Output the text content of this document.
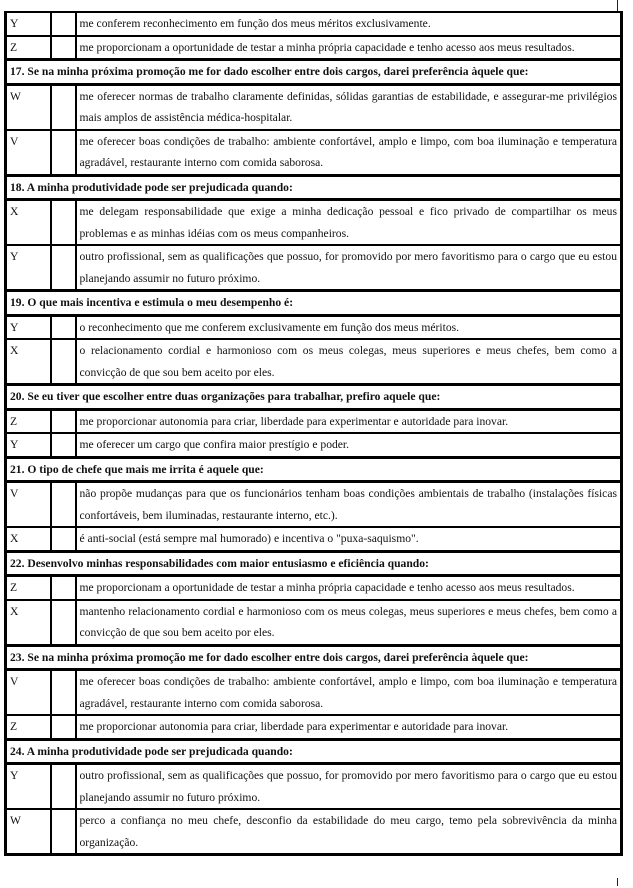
Y		me conferem reconhecimento em função dos meus méritos exclusivamente.
Z		me proporcionam a oportunidade de testar a minha própria capacidade e tenho acesso aos meus resultados.
17. Se na minha próxima promoção me for dado escolher entre dois cargos, darei preferência àquele que:		
W		me oferecer normas de trabalho claramente definidas, sólidas garantias de estabilidade, e assegurar-me privilégios mais amplos de assistência médica-hospitalar.
V		me oferecer boas condições de trabalho: ambiente confortável, amplo e limpo, com boa iluminação e temperatura agradável, restaurante interno com comida saborosa.
18. A minha produtividade pode ser prejudicada quando:		
X		me delegam responsabilidade que exige a minha dedicação pessoal e fico privado de compartilhar os meus problemas e as minhas idéias com os meus companheiros.
Y		outro profissional, sem as qualificações que possuo, for promovido por mero favoritismo para o cargo que eu estou planejando assumir no futuro próximo.
19. O que mais incentiva e estimula o meu desempenho é:		
Y		o reconhecimento que me conferem exclusivamente em função dos meus méritos.
X		o relacionamento cordial e harmonioso com os meus colegas, meus superiores e meus chefes, bem como a convicção de que sou bem aceito por eles.
20. Se eu tiver que escolher entre duas organizações para trabalhar, prefiro aquele que:		
Z		me proporcionar autonomia para criar, liberdade para experimentar e autoridade para inovar.
Y		me oferecer um cargo que confira maior prestígio e poder.
21. O tipo de chefe que mais me irrita é aquele que:		
V		não propõe mudanças para que os funcionários tenham boas condições ambientais de trabalho (instalações físicas confortáveis, bem iluminadas, restaurante interno, etc.).
X		é anti-social (está sempre mal humorado) e incentiva o "puxa-saquismo".
22. Desenvolvo minhas responsabilidades com maior entusiasmo e eficiência quando:		
Z		me proporcionam a oportunidade de testar a minha própria capacidade e tenho acesso aos meus resultados.
X		mantenho relacionamento cordial e harmonioso com os meus colegas, meus superiores e meus chefes, bem como a convicção de que sou bem aceito por eles.
23. Se na minha próxima promoção me for dado escolher entre dois cargos, darei preferência àquele que:		
V		me oferecer boas condições de trabalho: ambiente confortável, amplo e limpo, com boa iluminação e temperatura agradável, restaurante interno com comida saborosa.
Z		me proporcionar autonomia para criar, liberdade para experimentar e autoridade para inovar.
24. A minha produtividade pode ser prejudicada quando:		
Y		outro profissional, sem as qualificações que possuo, for promovido por mero favoritismo para o cargo que eu estou planejando assumir no futuro próximo.
W		perco a confiança no meu chefe, desconfio da estabilidade do meu cargo, temo pela sobrevivência da minha organização.
